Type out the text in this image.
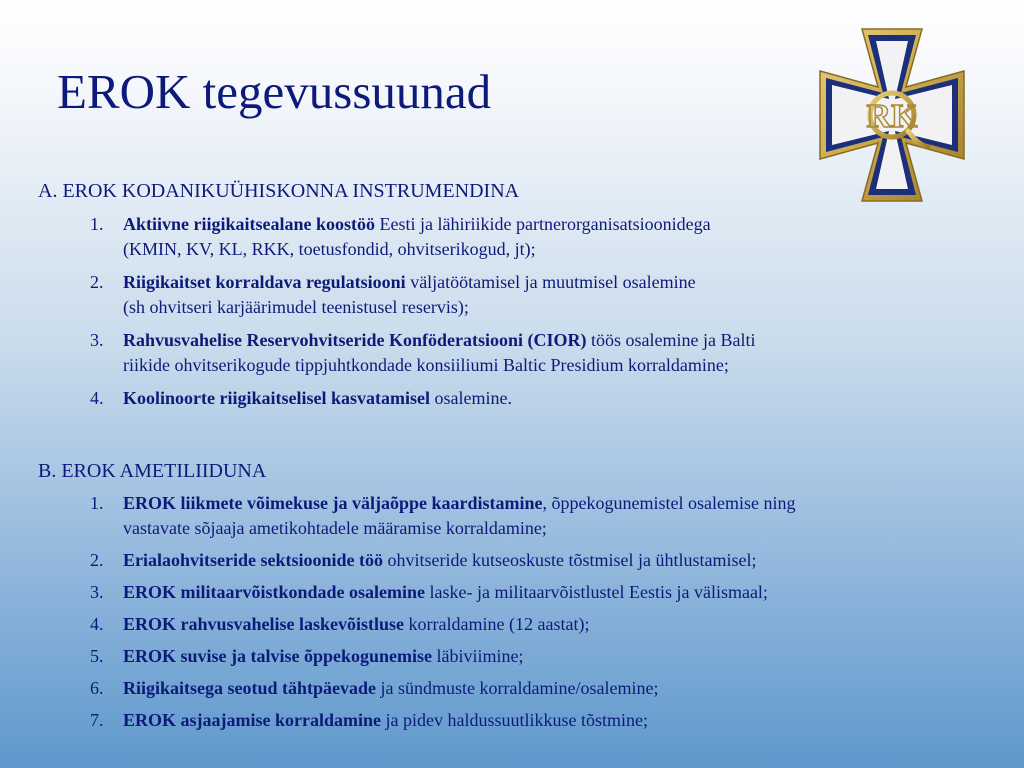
EROK tegevussuunad	RK

A. EROK KODANIKUÜHISKONNA INSTRUMENDINA

1. Aktiivne riigikaitsealane koostöö Eesti ja lähiriikide partnerorganisatsioonidega
(KMIN, KV, KL, RKK, toetusfondid, ohvitserikogud, jt);
2. Riigikaitset korraldava regulatsiooni väljatöötamisel ja muutmisel osalemine
(sh ohvitseri karjäärimudel teenistusel reservis);
3. Rahvusvahelise Reservohvitseride Konföderatsiooni (CIOR) töös osalemine ja Balti
riikide ohvitserikogude tippjuhtkondade konsiiliumi Baltic Presidium korraldamine;
4. Koolinoorte riigikaitselisel kasvatamisel osalemine.

B. EROK AMETILIIDUNA

1. EROK liikmete võimekuse ja väljaõppe kaardistamine, õppekogunemistel osalemise ning
vastavate sõjaaja ametikohtadele määramise korraldamine;
2. Erialaohvitseride sektsioonide töö ohvitseride kutseoskuste tõstmisel ja ühtlustamisel;
3. EROK militaarvõistkondade osalemine laske- ja militaarvõistlustel Eestis ja välismaal;
4. EROK rahvusvahelise laskevõistluse korraldamine (12 aastat);
5. EROK suvise ja talvise õppekogunemise läbiviimine;
6. Riigikaitsega seotud tähtpäevade ja sündmuste korraldamine/osalemine;
7. EROK asjaajamise korraldamine ja pidev haldussuutlikkuse tõstmine;
